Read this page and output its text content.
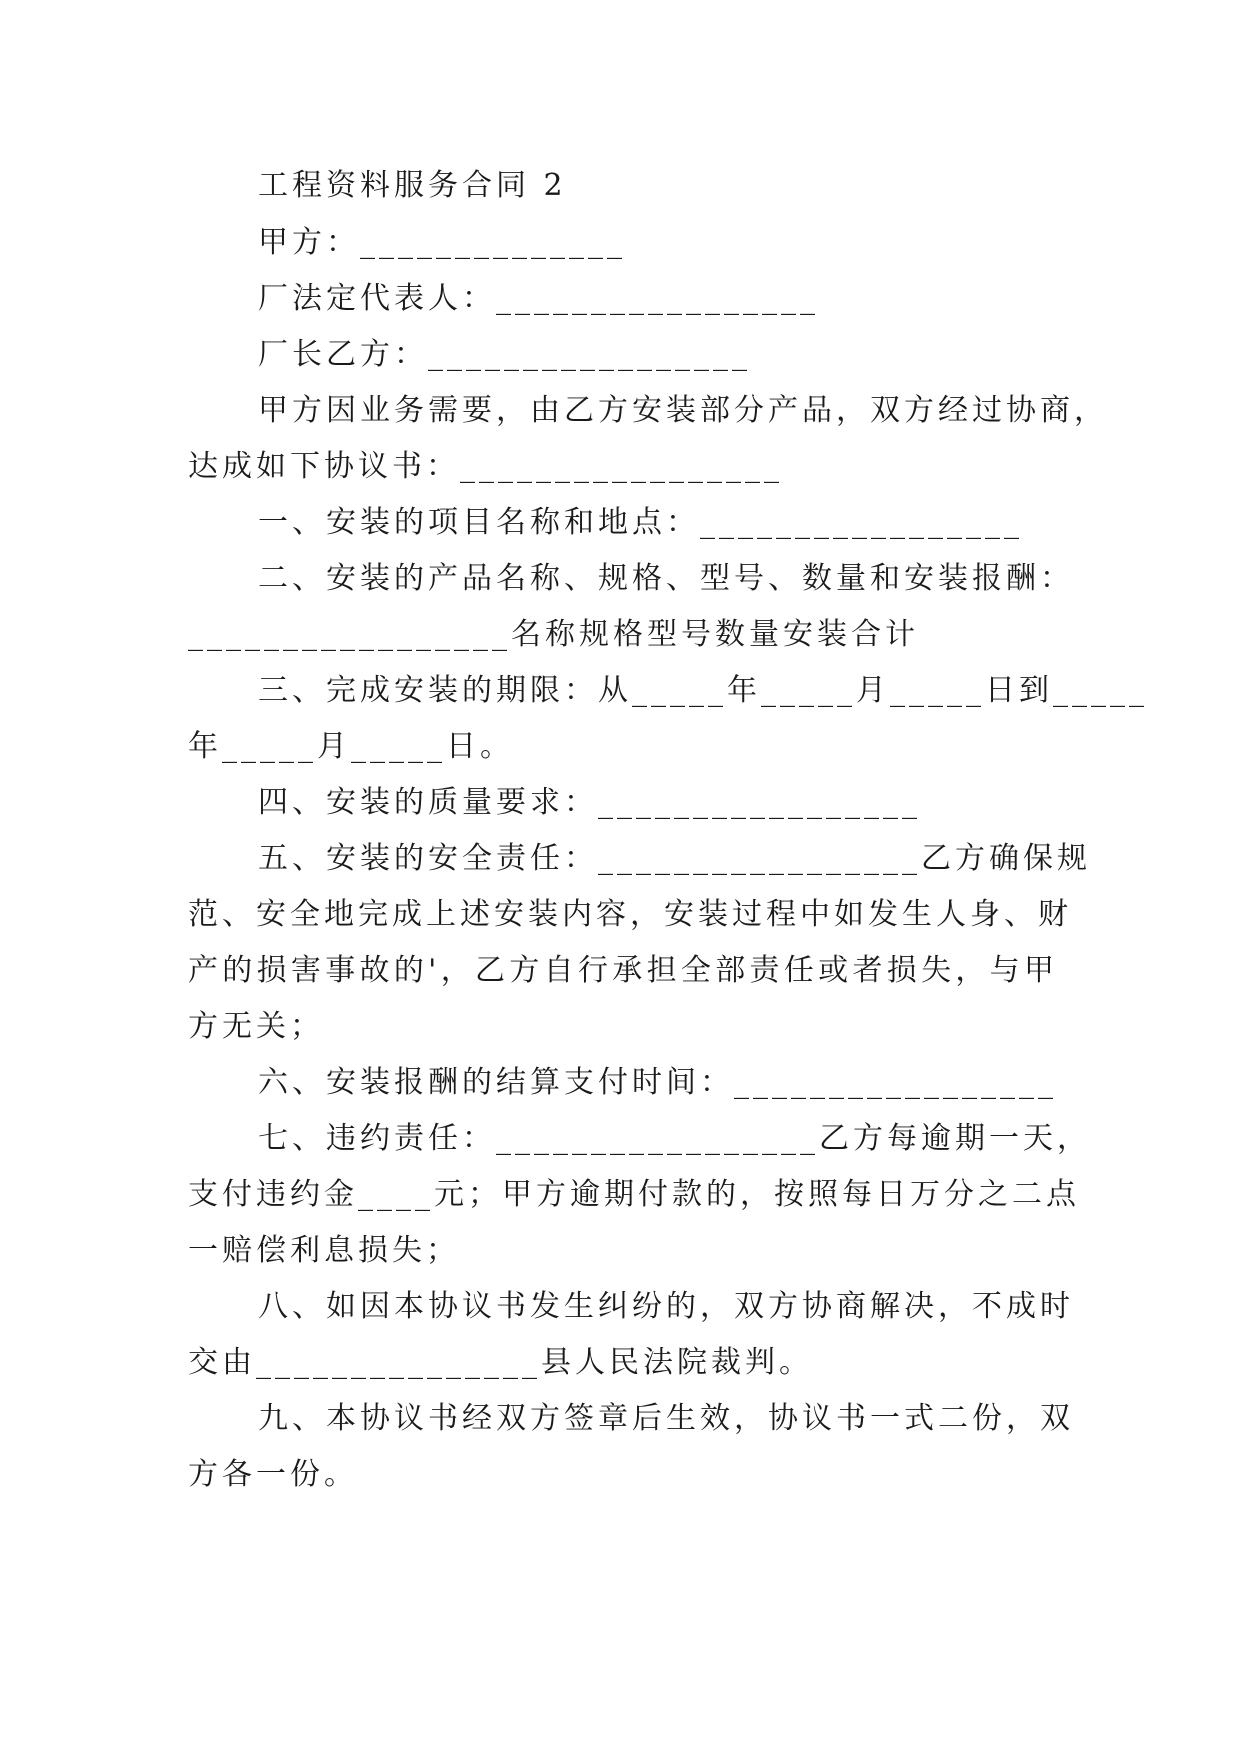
工程资料服务合同 2
甲方：______________
厂法定代表人：_________________
厂长乙方：_________________
甲方因业务需要，由乙方安装部分产品，双方经过协商，
达成如下协议书：_________________
一、安装的项目名称和地点：_________________
二、安装的产品名称、规格、型号、数量和安装报酬：
_________________名称规格型号数量安装合计
三、完成安装的期限：从_____年_____月_____日到_____
年_____月_____日。
四、安装的质量要求：_________________
五、安装的安全责任：_________________乙方确保规
范、安全地完成上述安装内容，安装过程中如发生人身、财
产的损害事故的'，乙方自行承担全部责任或者损失，与甲
方无关；
六、安装报酬的结算支付时间：_________________
七、违约责任：_________________乙方每逾期一天，
支付违约金____元；甲方逾期付款的，按照每日万分之二点
一赔偿利息损失；
八、如因本协议书发生纠纷的，双方协商解决，不成时
交由_______________县人民法院裁判。
九、本协议书经双方签章后生效，协议书一式二份，双
方各一份。
